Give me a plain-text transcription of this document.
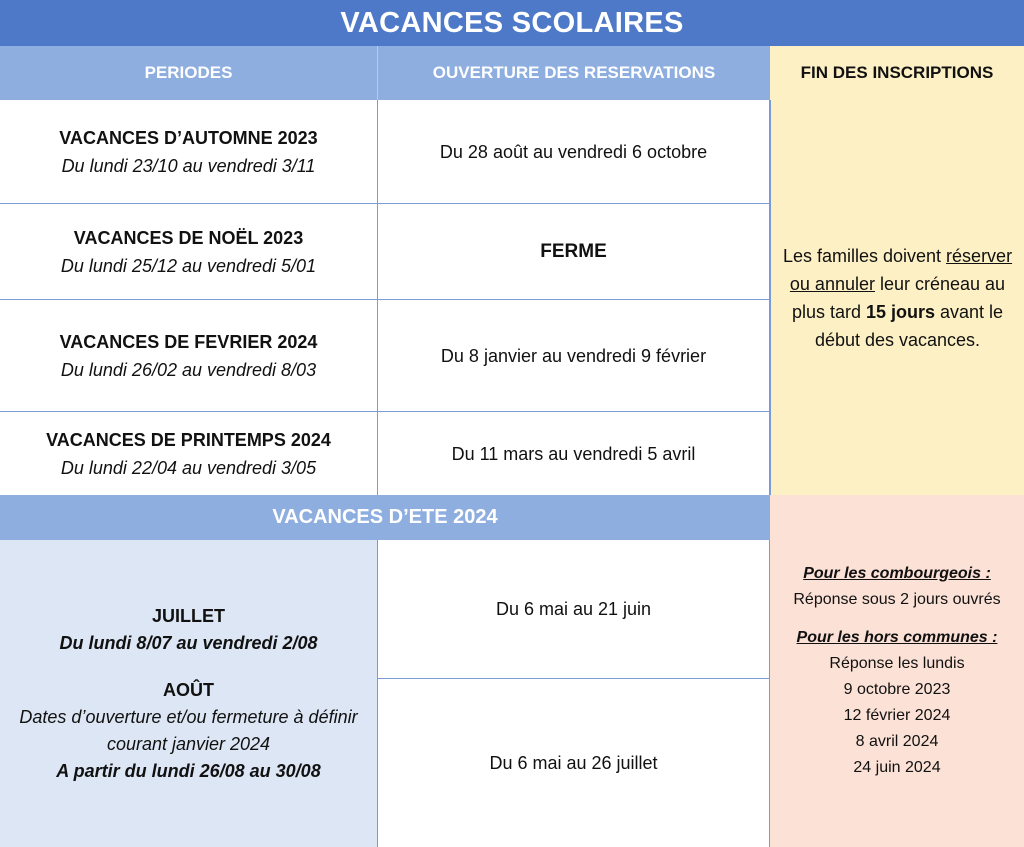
VACANCES SCOLAIRES
PERIODES	OUVERTURE DES RESERVATIONS	FIN DES INSCRIPTIONS
VACANCES D’AUTOMNE 2023
Du lundi 23/10 au vendredi 3/11
Du 28 août au vendredi 6 octobre
VACANCES DE NOËL 2023
Du lundi 25/12 au vendredi 5/01
FERME
VACANCES DE FEVRIER 2024
Du lundi 26/02 au vendredi 8/03
Du 8 janvier au vendredi 9 février
VACANCES DE PRINTEMPS 2024
Du lundi 22/04 au vendredi 3/05
Du 11 mars au vendredi 5 avril
Les familles doivent réserver ou annuler leur créneau au plus tard 15 jours avant le début des vacances.
VACANCES D’ETE 2024
JUILLET
Du lundi 8/07 au vendredi 2/08
AOÛT
Dates d’ouverture et/ou fermeture à définir courant janvier 2024
A partir du lundi 26/08 au 30/08
Du 6 mai au 21 juin
Du 6 mai au 26 juillet
Pour les combourgeois :
Réponse sous 2 jours ouvrés
Pour les hors communes :
Réponse les lundis
9 octobre 2023
12 février 2024
8 avril 2024
24 juin 2024
